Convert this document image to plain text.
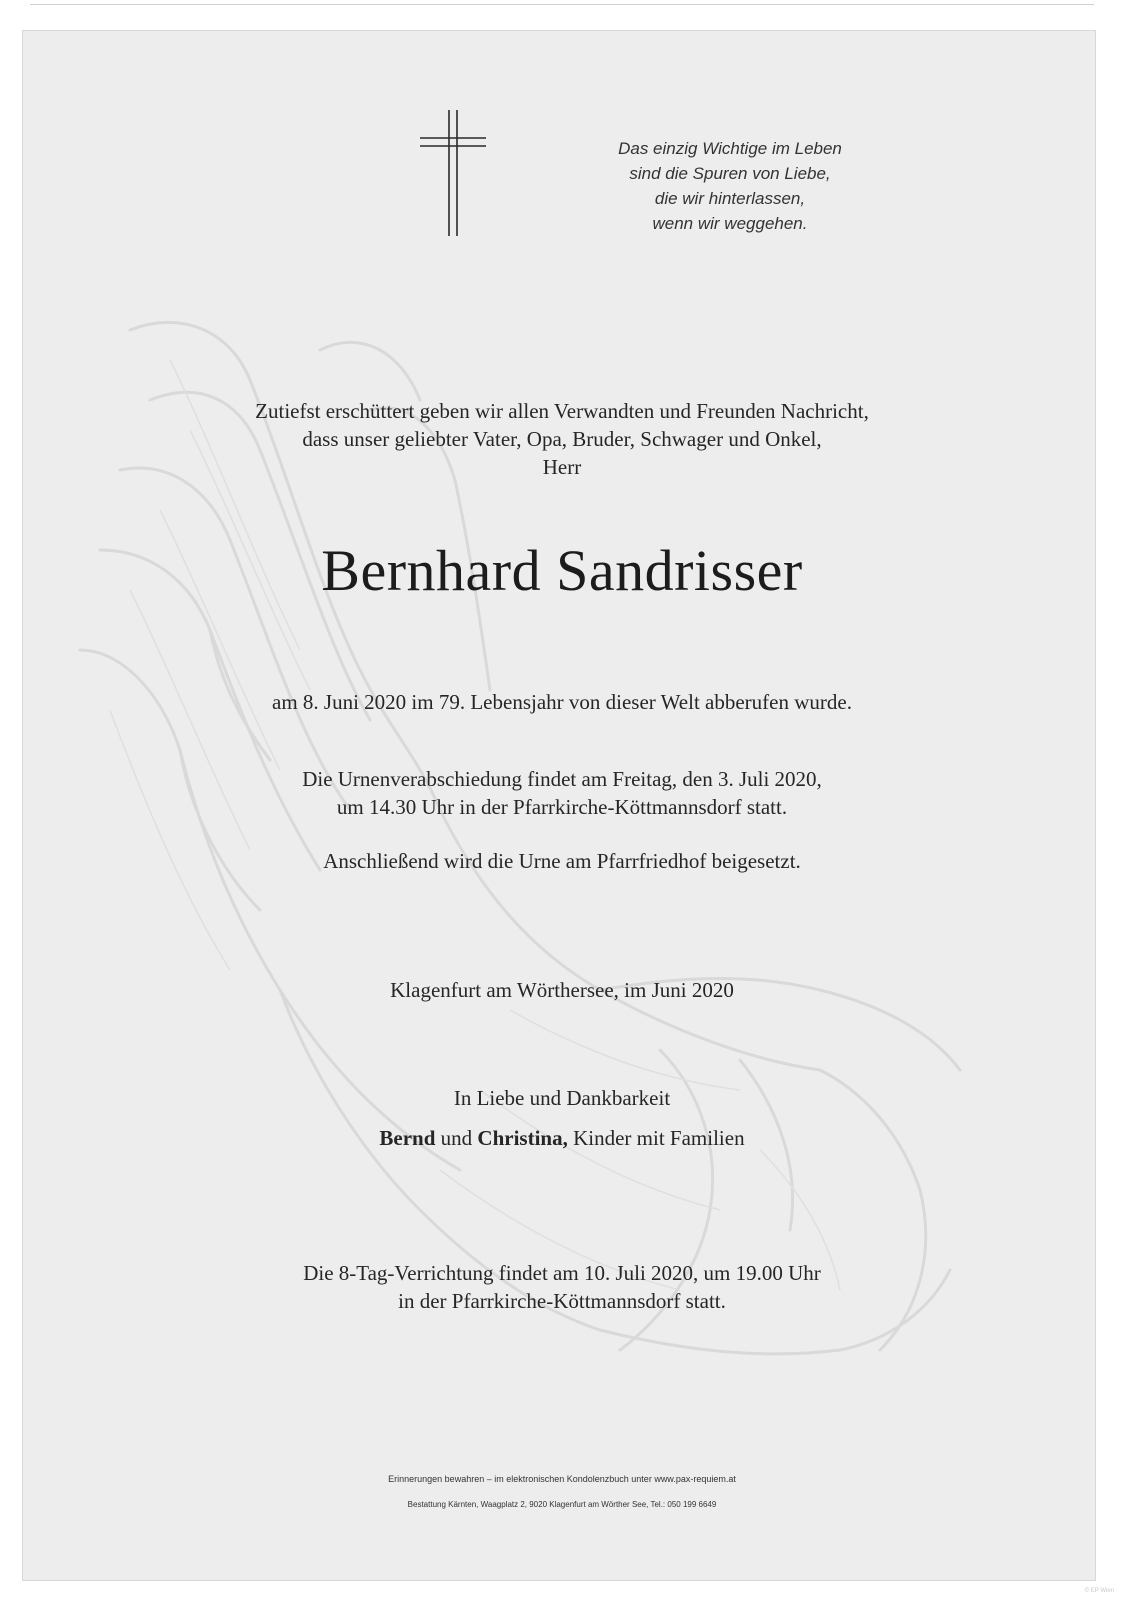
Das einzig Wichtige im Leben
sind die Spuren von Liebe,
die wir hinterlassen,
wenn wir weggehen.
Zutiefst erschüttert geben wir allen Verwandten und Freunden Nachricht,
dass unser geliebter Vater, Opa, Bruder, Schwager und Onkel,
Herr
Bernhard Sandrisser
am 8. Juni 2020 im 79. Lebensjahr von dieser Welt abberufen wurde.
Die Urnenverabschiedung findet am Freitag, den 3. Juli 2020,
um 14.30 Uhr in der Pfarrkirche-Köttmannsdorf statt.
Anschließend wird die Urne am Pfarrfriedhof beigesetzt.
Klagenfurt am Wörthersee, im Juni 2020
In Liebe und Dankbarkeit
Bernd und Christina, Kinder mit Familien
Die 8-Tag-Verrichtung findet am 10. Juli 2020, um 19.00 Uhr
in der Pfarrkirche-Köttmannsdorf statt.
Erinnerungen bewahren – im elektronischen Kondolenzbuch unter www.pax-requiem.at
Bestattung Kärnten, Waagplatz 2, 9020 Klagenfurt am Wörther See, Tel.: 050 199 6649
© EP Wien
